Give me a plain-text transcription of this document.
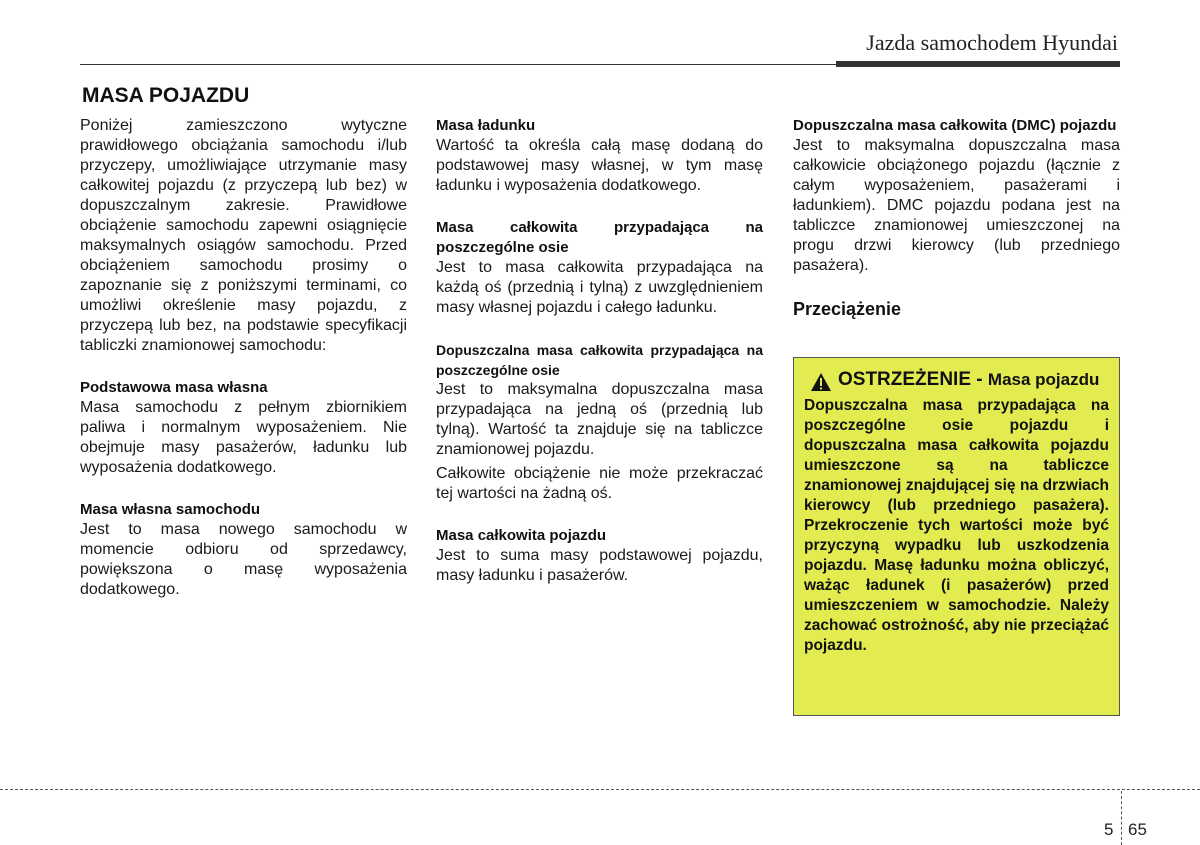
Jazda samochodem Hyundai
MASA POJAZDU

Poniżej zamieszczono wytyczne prawidłowego obciążania samochodu i/lub przyczepy, umożliwiające utrzymanie masy całkowitej pojazdu (z przyczepą lub bez) w dopuszczalnym zakresie. Prawidłowe obciążenie samochodu zapewni osiągnięcie maksymalnych osiągów samochodu. Przed obciążeniem samochodu prosimy o zapoznanie się z poniższymi terminami, co umożliwi określenie masy pojazdu, z przyczepą lub bez, na podstawie specyfikacji tabliczki znamionowej samochodu:

Podstawowa masa własna

Masa samochodu z pełnym zbiornikiem paliwa i normalnym wyposażeniem. Nie obejmuje masy pasażerów, ładunku lub wyposażenia dodatkowego.

Masa własna samochodu

Jest to masa nowego samochodu w momencie odbioru od sprzedawcy, powiększona o masę wyposażenia dodatkowego.

Masa ładunku

Wartość ta określa całą masę dodaną do podstawowej masy własnej, w tym masę ładunku i wyposażenia dodatkowego.

Masa całkowita przypadająca na poszczególne osie

Jest to masa całkowita przypadająca na każdą oś (przednią i tylną) z uwzględnieniem masy własnej pojazdu i całego ładunku.

Dopuszczalna masa całkowita przypadająca na poszczególne osie

Jest to maksymalna dopuszczalna masa przypadająca na jedną oś (przednią lub tylną). Wartość ta znajduje się na tabliczce znamionowej pojazdu.

Całkowite obciążenie nie może przekraczać tej wartości na żadną oś.

Masa całkowita pojazdu

Jest to suma masy podstawowej pojazdu, masy ładunku i pasażerów.

Dopuszczalna masa całkowita (DMC) pojazdu

Jest to maksymalna dopuszczalna masa całkowicie obciążonego pojazdu (łącznie z całym wyposażeniem, pasażerami i ładunkiem). DMC pojazdu podana jest na tabliczce znamionowej umieszczonej na progu drzwi kierowcy (lub przedniego pasażera).

Przeciążenie

OSTRZEŻENIE - Masa pojazdu

Dopuszczalna masa przypadająca na poszczególne osie pojazdu i dopuszczalna masa całkowita pojazdu umieszczone są na tabliczce znamionowej znajdującej się na drzwiach kierowcy (lub przedniego pasażera). Przekroczenie tych wartości może być przyczyną wypadku lub uszkodzenia pojazdu. Masę ładunku można obliczyć, ważąc ładunek (i pasażerów) przed umieszczeniem w samochodzie. Należy zachować ostrożność, aby nie przeciążać pojazdu.

5 65
